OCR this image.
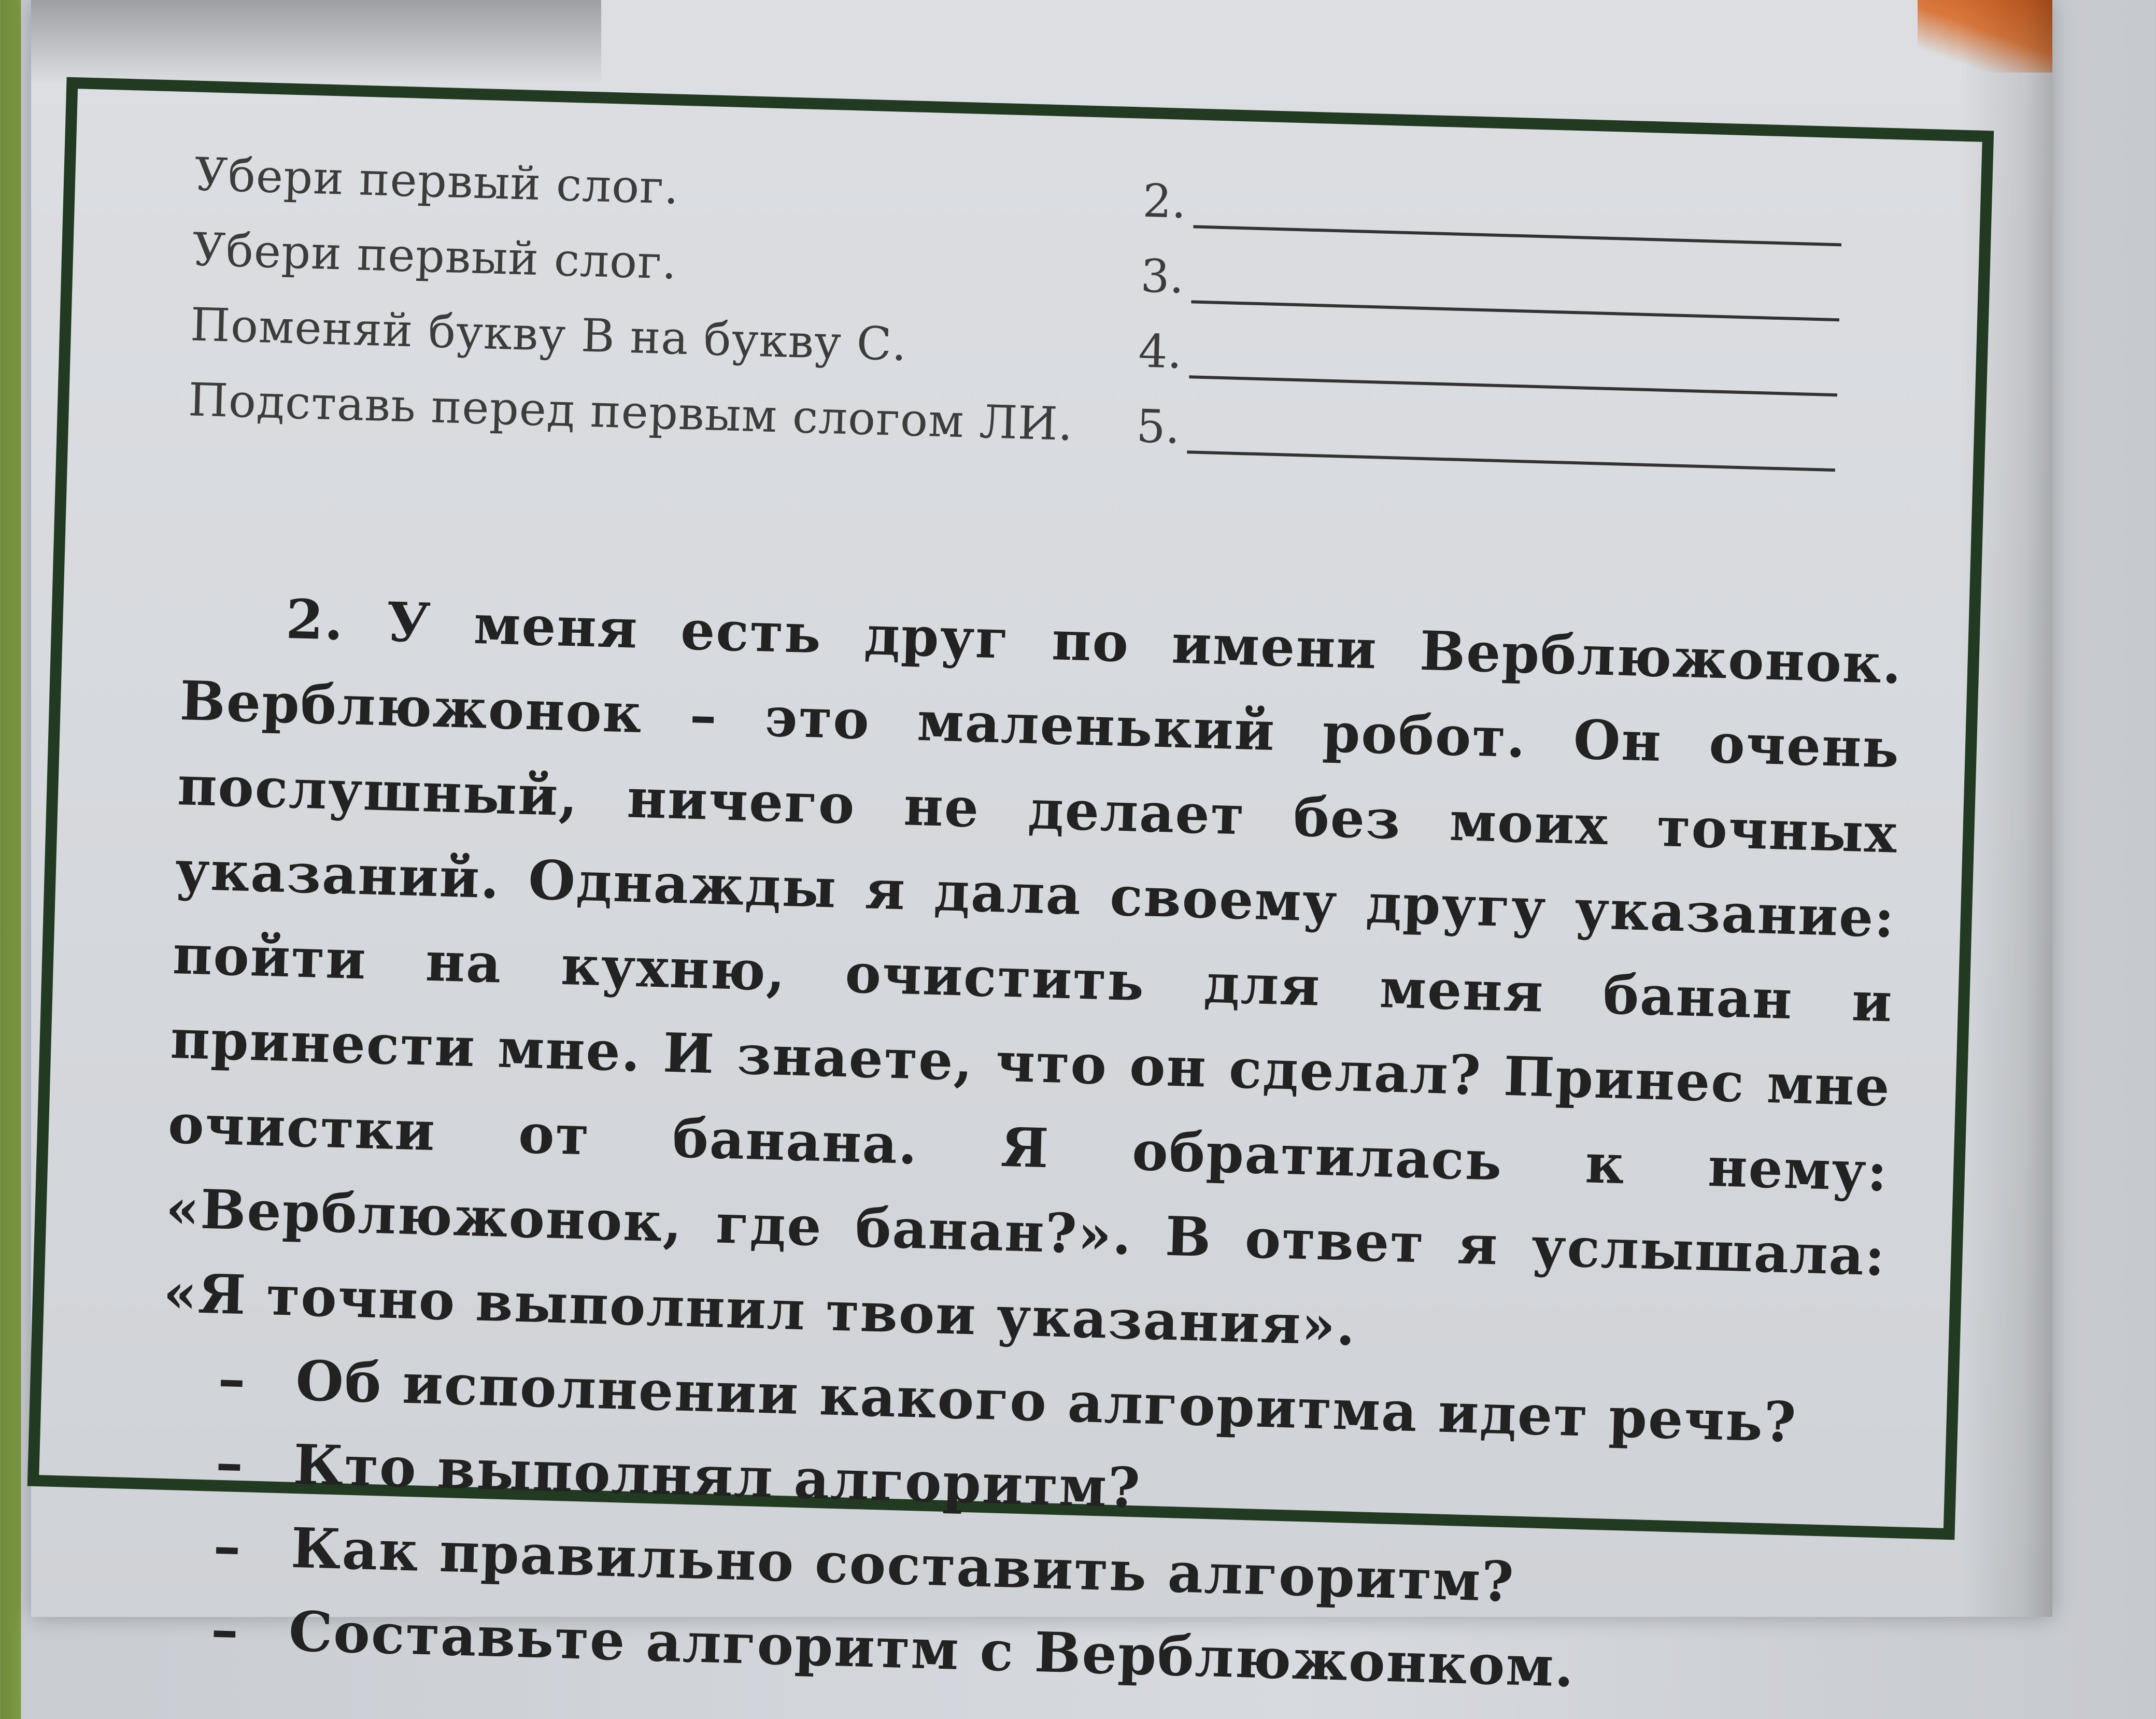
Убери первый слог.	2.
Убери первый слог.	3.
Поменяй букву В на букву С.	4.
Подставь перед первым слогом ЛИ.	5.

2. У меня есть друг по имени Верблюжонок. Верблюжонок – это маленький робот. Он очень послушный, ничего не делает без моих точных указаний. Однажды я дала своему другу указание: пойти на кухню, очистить для меня банан и принести мне. И знаете, что он сделал? Принес мне очистки от банана. Я обратилась к нему: «Верблюжонок, где банан?». В ответ я услышала: «Я точно выполнил твои указания».

– Об исполнении какого алгоритма идет речь?
– Кто выполнял алгоритм?
– Как правильно составить алгоритм?
– Составьте алгоритм с Верблюжонком.
